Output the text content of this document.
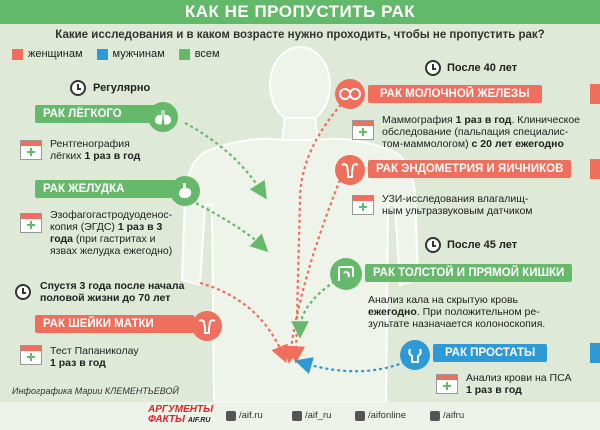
КАК НЕ ПРОПУСТИТЬ РАК
Какие исследования и в каком возрасте нужно проходить, чтобы не пропустить рак?
женщинам	мужчинам	всем
Регулярно
РАК ЛЁГКОГО
Рентгенография
лёгких 1 раз в год
РАК ЖЕЛУДКА
Эзофагогастродуоденос-
копия (ЭГДС) 1 раз в 3
года (при гастритах и
язвах желудка ежегодно)
Спустя 3 года после начала
половой жизни до 70 лет
РАК ШЕЙКИ МАТКИ
Тест Папаниколау
1 раз в год
После 40 лет
РАК МОЛОЧНОЙ ЖЕЛЕЗЫ
Маммография 1 раз в год. Клиническое
обследование (пальпация специалис-
том-маммологом) с 20 лет ежегодно
РАК ЭНДОМЕТРИЯ И ЯИЧНИКОВ
УЗИ-исследования влагалищ-
ным ультразвуковым датчиком
После 45 лет
РАК ТОЛСТОЙ И ПРЯМОЙ КИШКИ
Анализ кала на скрытую кровь
ежегодно. При положительном ре-
зультате назначается колоноскопия.
РАК ПРОСТАТЫ
Анализ крови на ПСА
1 раз в год
Инфографика Марии КЛЕМЕНТЬЕВОЙ
АРГУМЕНТЫ
ФАКТЫ AIF.RU	/aif.ru	/aif_ru	/aifonline	/aifru
